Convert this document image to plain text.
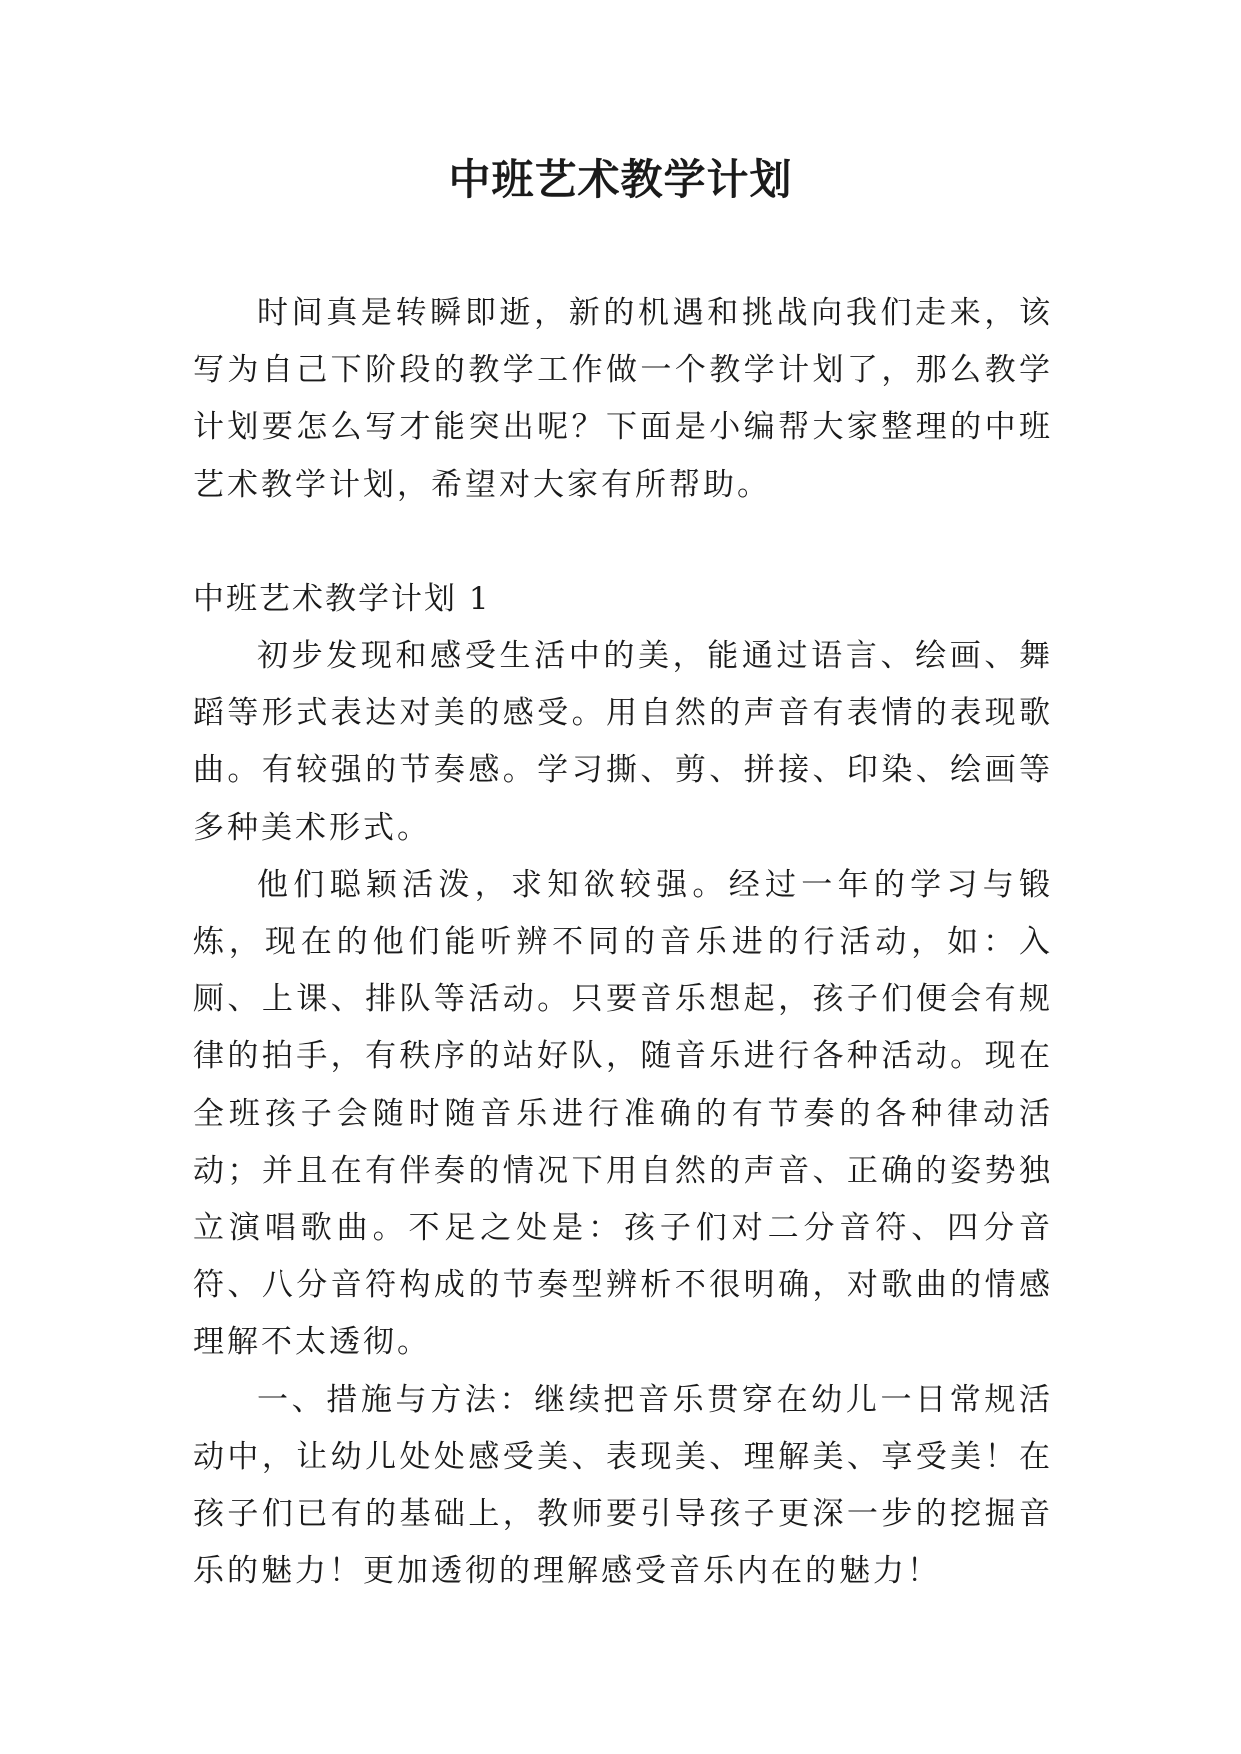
中班艺术教学计划

时间真是转瞬即逝，新的机遇和挑战向我们走来，该写为自己下阶段的教学工作做一个教学计划了，那么教学计划要怎么写才能突出呢？下面是小编帮大家整理的中班艺术教学计划，希望对大家有所帮助。

中班艺术教学计划 1

初步发现和感受生活中的美，能通过语言、绘画、舞蹈等形式表达对美的感受。用自然的声音有表情的表现歌曲。有较强的节奏感。学习撕、剪、拼接、印染、绘画等多种美术形式。

他们聪颖活泼，求知欲较强。经过一年的学习与锻炼，现在的他们能听辨不同的音乐进的行活动，如：入厕、上课、排队等活动。只要音乐想起，孩子们便会有规律的拍手，有秩序的站好队，随音乐进行各种活动。现在全班孩子会随时随音乐进行准确的有节奏的各种律动活动；并且在有伴奏的情况下用自然的声音、正确的姿势独立演唱歌曲。不足之处是：孩子们对二分音符、四分音符、八分音符构成的节奏型辨析不很明确，对歌曲的情感理解不太透彻。

一、措施与方法：继续把音乐贯穿在幼儿一日常规活动中，让幼儿处处感受美、表现美、理解美、享受美！在孩子们已有的基础上，教师要引导孩子更深一步的挖掘音乐的魅力！更加透彻的理解感受音乐内在的魅力！
